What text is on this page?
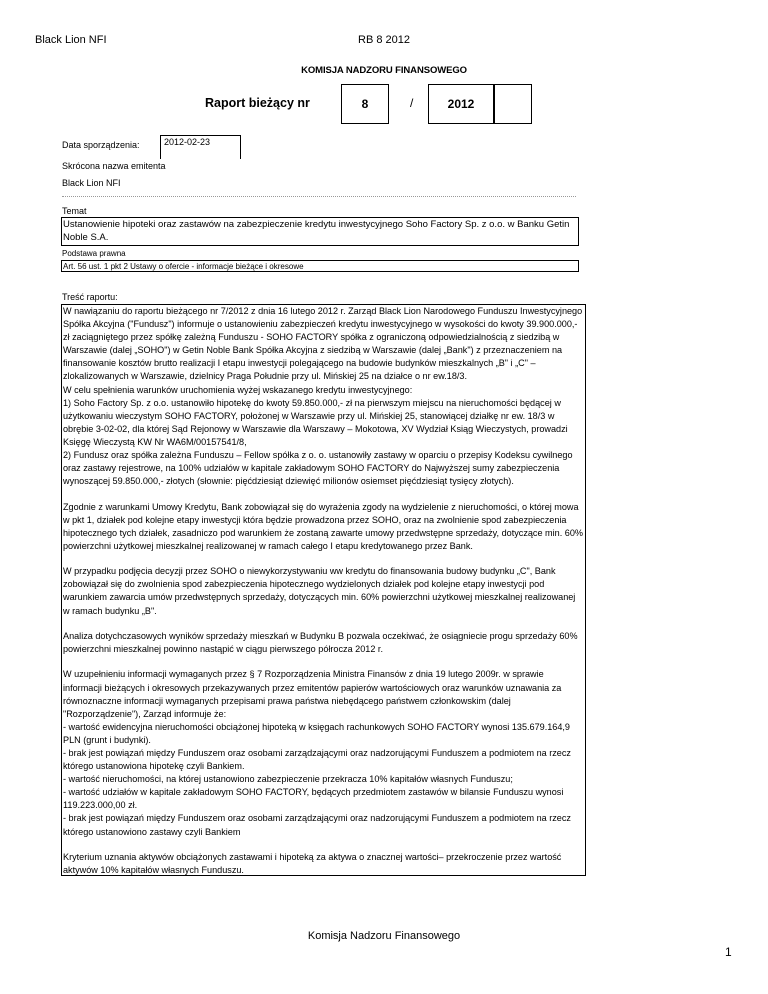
Black Lion NFI	RB 8 2012
KOMISJA NADZORU FINANSOWEGO
Raport bieżący nr	8	/	2012
Data sporządzenia:	2012-02-23
Skrócona nazwa emitenta
Black Lion NFI
Temat
Ustanowienie hipoteki oraz zastawów na zabezpieczenie kredytu inwestycyjnego Soho Factory Sp. z o.o. w Banku Getin Noble S.A.
Podstawa prawna
Art. 56 ust. 1 pkt 2 Ustawy o ofercie - informacje bieżące i okresowe
Treść raportu:

W nawiązaniu do raportu bieżącego nr 7/2012 z dnia 16 lutego 2012 r. Zarząd Black Lion Narodowego Funduszu Inwestycyjnego Spółka Akcyjna ("Fundusz") informuje o ustanowieniu zabezpieczeń kredytu inwestycyjnego w wysokości do kwoty 39.900.000,- zł zaciągniętego przez spółkę zależną Funduszu - SOHO FACTORY spółka z ograniczoną odpowiedzialnością z siedzibą w Warszawie (dalej „SOHO") w Getin Noble Bank Spółka Akcyjna z siedzibą w Warszawie (dalej „Bank") z przeznaczeniem na finansowanie kosztów brutto realizacji I etapu inwestycji polegającego na budowie budynków mieszkalnych „B" i „C" – zlokalizowanych w Warszawie, dzielnicy Praga Południe przy ul. Mińskiej 25 na działce o nr ew.18/3.
W celu spełnienia warunków uruchomienia wyżej wskazanego kredytu inwestycyjnego:
1) Soho Factory Sp. z o.o. ustanowiło hipotekę do kwoty 59.850.000,- zł na pierwszym miejscu na nieruchomości będącej w użytkowaniu wieczystym SOHO FACTORY, położonej w Warszawie przy ul. Mińskiej 25, stanowiącej działkę nr ew. 18/3 w obrębie 3-02-02, dla której Sąd Rejonowy w Warszawie dla Warszawy – Mokotowa, XV Wydział Ksiąg Wieczystych, prowadzi Księgę Wieczystą KW Nr WA6M/00157541/8,
2) Fundusz oraz spółka zależna Funduszu – Fellow spółka z o. o. ustanowiły zastawy w oparciu o przepisy Kodeksu cywilnego oraz zastawy rejestrowe, na 100% udziałów w kapitale zakładowym SOHO FACTORY do Najwyższej sumy zabezpieczenia wynoszącej 59.850.000,- złotych (słownie: pięćdziesiąt dziewięć milionów osiemset pięćdziesiąt tysięcy złotych).

Zgodnie z warunkami Umowy Kredytu, Bank zobowiązał się do wyrażenia zgody na wydzielenie z nieruchomości, o której mowa w pkt 1, działek pod kolejne etapy inwestycji która będzie prowadzona przez SOHO, oraz na zwolnienie spod zabezpieczenia hipotecznego tych działek, zasadniczo pod warunkiem że zostaną zawarte umowy przedwstępne sprzedaży, dotyczące min. 60% powierzchni użytkowej mieszkalnej realizowanej w ramach całego I etapu kredytowanego przez Bank.

W przypadku podjęcia decyzji przez SOHO o niewykorzystywaniu ww kredytu do finansowania budowy budynku „C", Bank zobowiązał się do zwolnienia spod zabezpieczenia hipotecznego wydzielonych działek pod kolejne etapy inwestycji pod warunkiem zawarcia umów przedwstępnych sprzedaży, dotyczących min. 60% powierzchni użytkowej mieszkalnej realizowanej w ramach budynku „B".

Analiza dotychczasowych wyników sprzedaży mieszkań w Budynku B pozwala oczekiwać, że osiągniecie progu sprzedaży 60% powierzchni mieszkalnej powinno nastąpić w ciągu pierwszego półrocza 2012 r.

W uzupełnieniu informacji wymaganych przez § 7 Rozporządzenia Ministra Finansów z dnia 19 lutego 2009r. w sprawie informacji bieżących i okresowych przekazywanych przez emitentów papierów wartościowych oraz warunków uznawania za równoznaczne informacji wymaganych przepisami prawa państwa niebędącego państwem członkowskim (dalej "Rozporządzenie"), Zarząd informuje że:
- wartość ewidencyjna nieruchomości obciążonej hipoteką w księgach rachunkowych SOHO FACTORY wynosi 135.679.164,9 PLN (grunt i budynki).
- brak jest powiązań między Funduszem oraz osobami zarządzającymi oraz nadzorującymi Funduszem a podmiotem na rzecz którego ustanowiona hipotekę czyli Bankiem.
- wartość nieruchomości, na której ustanowiono zabezpieczenie przekracza 10% kapitałów własnych Funduszu;
- wartość udziałów w kapitale zakładowym SOHO FACTORY, będących przedmiotem zastawów w bilansie Funduszu wynosi 119.223.000,00 zł.
- brak jest powiązań między Funduszem oraz osobami zarządzającymi oraz nadzorującymi Funduszem a podmiotem na rzecz którego ustanowiono zastawy czyli Bankiem

Kryterium uznania aktywów obciążonych zastawami i hipoteką za aktywa o znacznej wartości– przekroczenie przez wartość aktywów 10% kapitałów własnych Funduszu.

Komisja Nadzoru Finansowego
1
